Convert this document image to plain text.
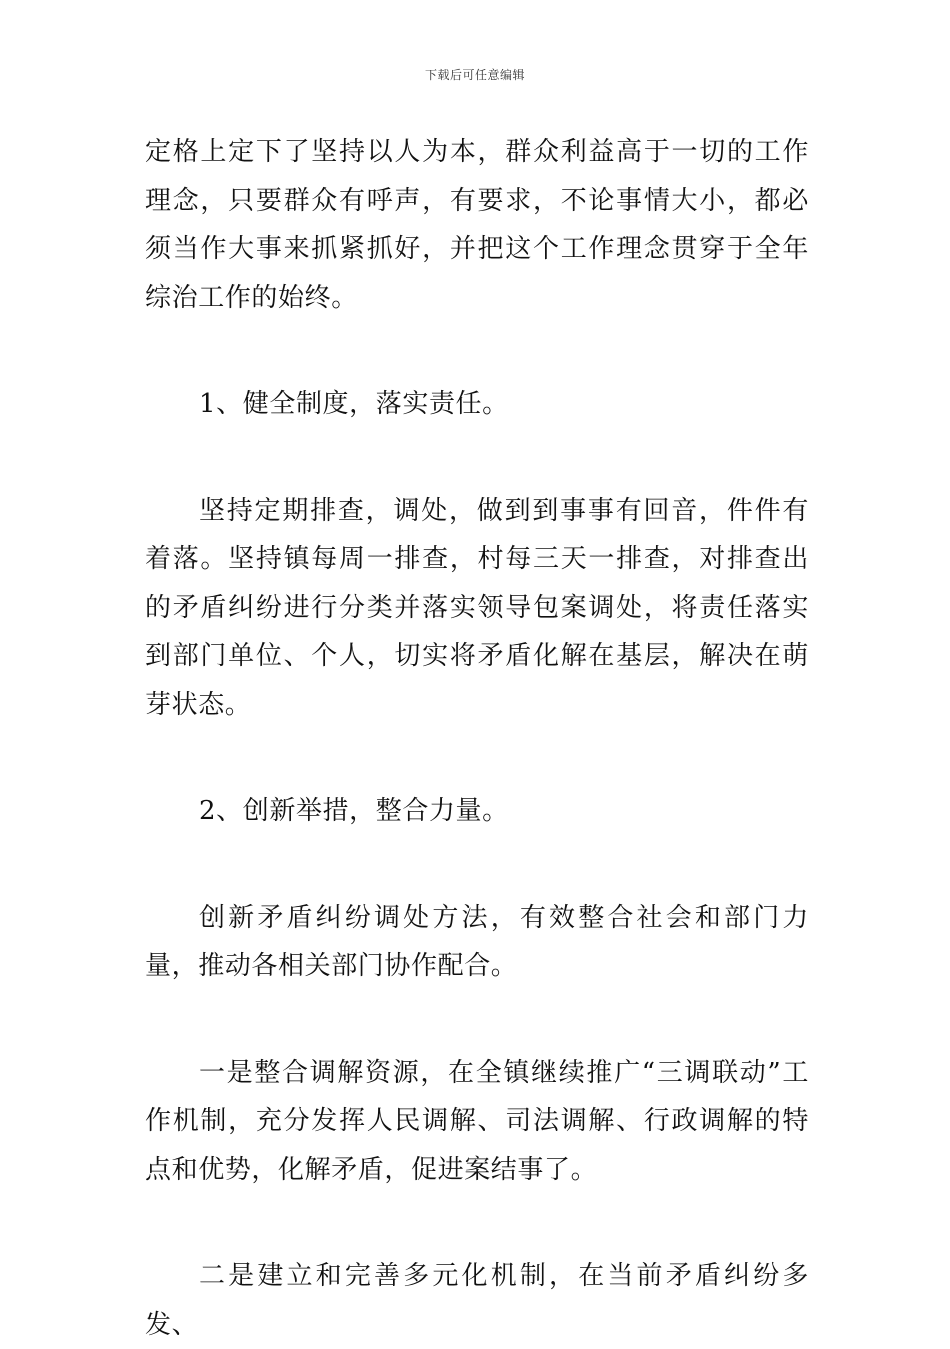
下载后可任意编辑

定格上定下了坚持以人为本，群众利益高于一切的工作理念，只要群众有呼声，有要求，不论事情大小，都必须当作大事来抓紧抓好，并把这个工作理念贯穿于全年综治工作的始终。

1、健全制度，落实责任。

坚持定期排查，调处，做到到事事有回音，件件有着落。坚持镇每周一排查，村每三天一排查，对排查出的矛盾纠纷进行分类并落实领导包案调处，将责任落实到部门单位、个人，切实将矛盾化解在基层，解决在萌芽状态。

2、创新举措，整合力量。

创新矛盾纠纷调处方法，有效整合社会和部门力量，推动各相关部门协作配合。

一是整合调解资源，在全镇继续推广“三调联动”工作机制，充分发挥人民调解、司法调解、行政调解的特点和优势，化解矛盾，促进案结事了。

二是建立和完善多元化机制，在当前矛盾纠纷多发、
